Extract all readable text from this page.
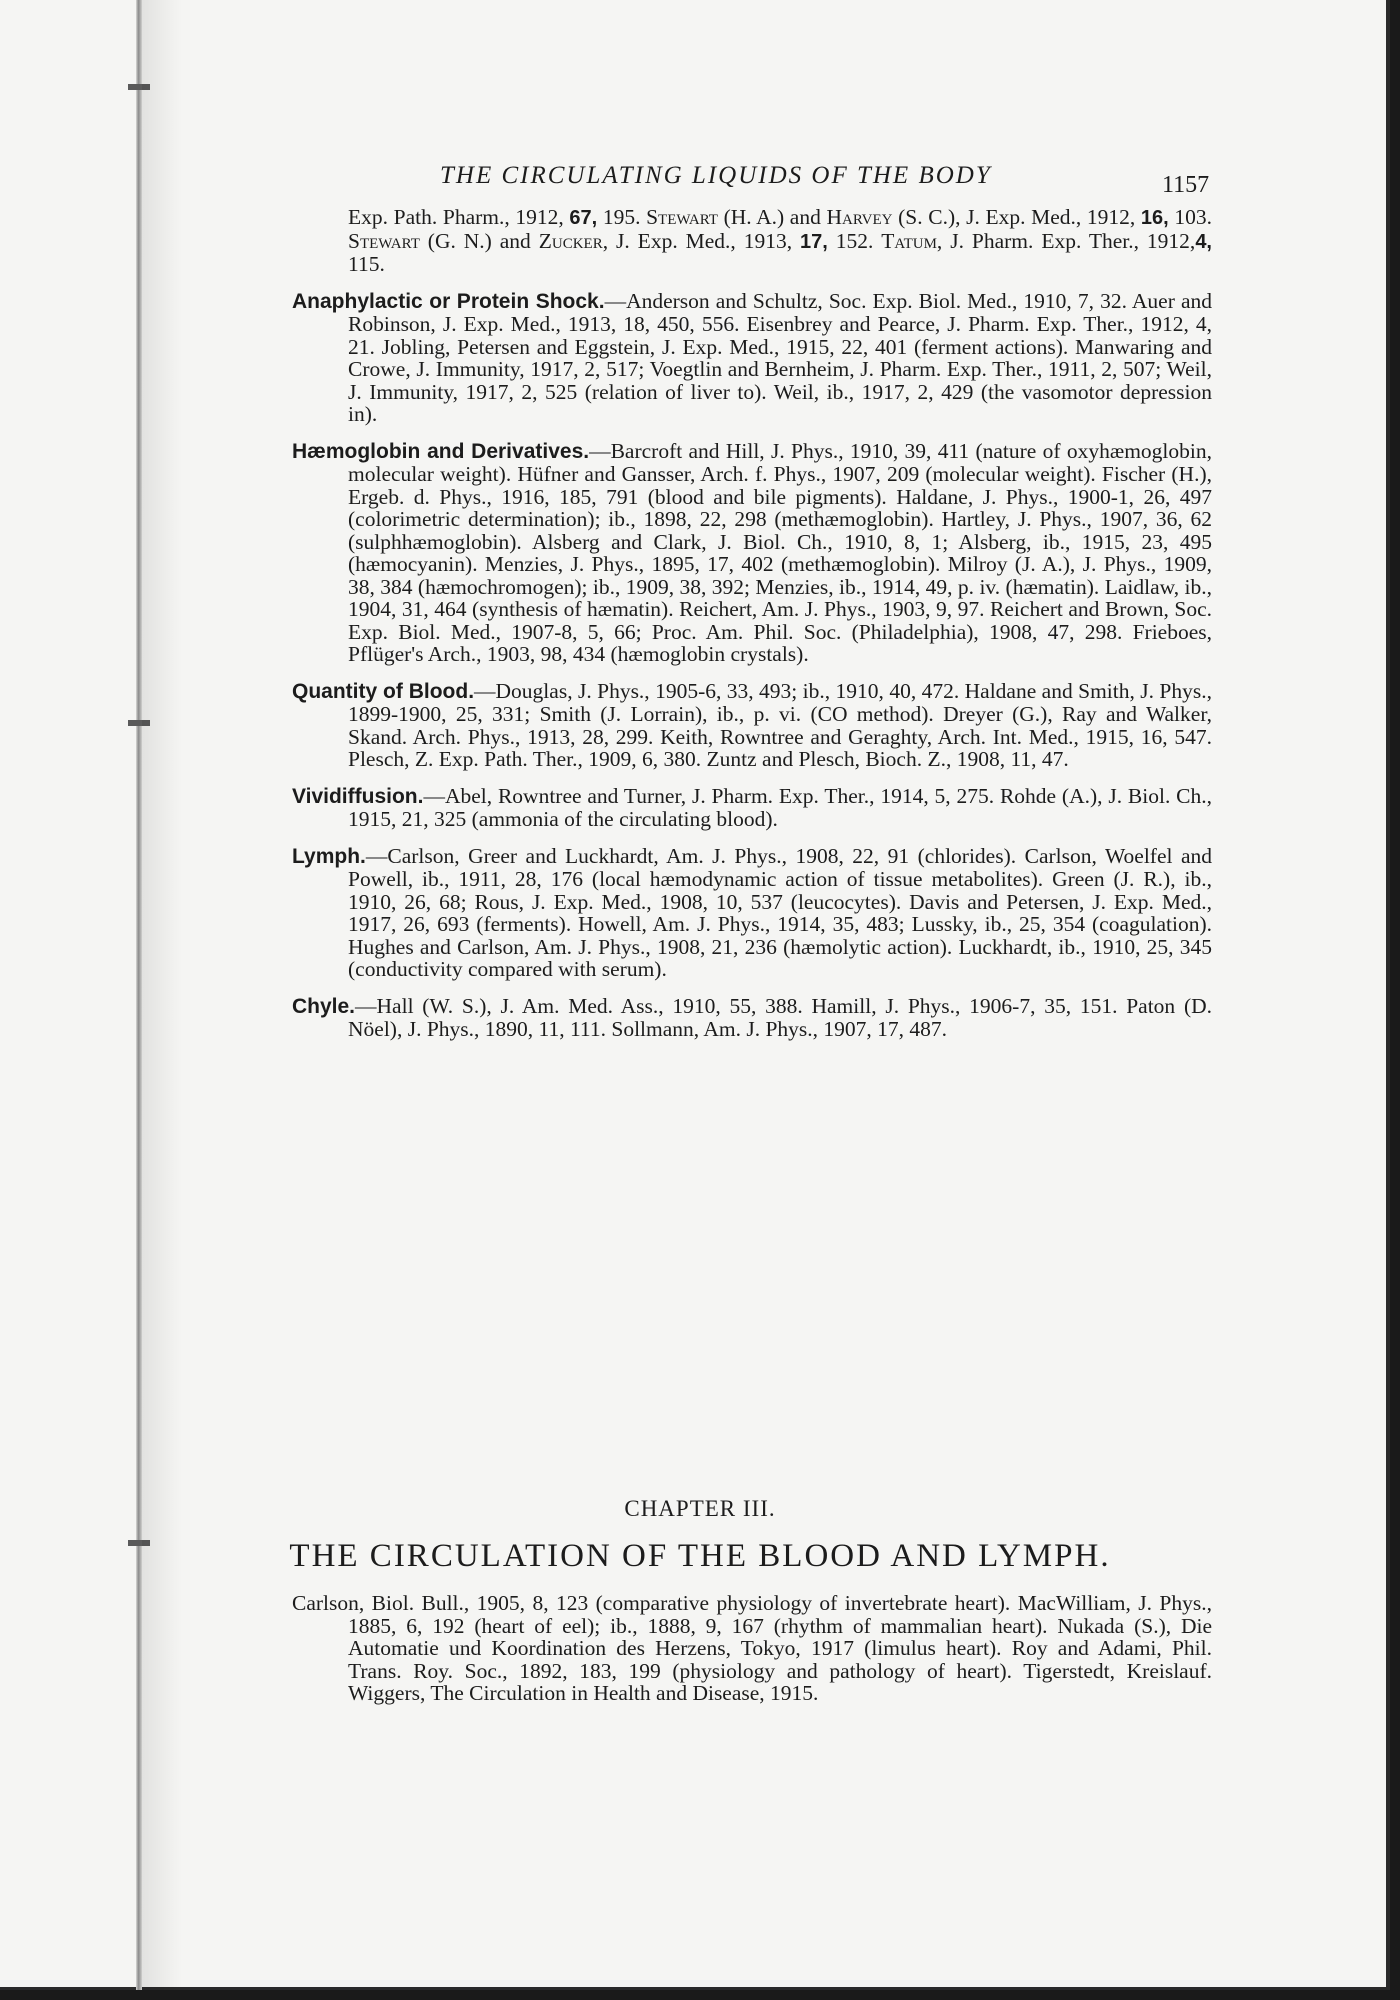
THE CIRCULATING LIQUIDS OF THE BODY	1157

Exp. Path. Pharm., 1912, 67, 195. Stewart (H. A.) and Harvey (S. C.), J. Exp. Med., 1912, 16, 103. Stewart (G. N.) and Zucker, J. Exp. Med., 1913, 17, 152. Tatum, J. Pharm. Exp. Ther., 1912,4, 115.

Anaphylactic or Protein Shock.—Anderson and Schultz, Soc. Exp. Biol. Med., 1910, 7, 32. Auer and Robinson, J. Exp. Med., 1913, 18, 450, 556. Eisenbrey and Pearce, J. Pharm. Exp. Ther., 1912, 4, 21. Jobling, Petersen and Eggstein, J. Exp. Med., 1915, 22, 401 (ferment actions). Manwaring and Crowe, J. Immunity, 1917, 2, 517; Voegtlin and Bernheim, J. Pharm. Exp. Ther., 1911, 2, 507; Weil, J. Immunity, 1917, 2, 525 (relation of liver to). Weil, ib., 1917, 2, 429 (the vasomotor depression in).

Hæmoglobin and Derivatives.—Barcroft and Hill, J. Phys., 1910, 39, 411 (nature of oxyhæmoglobin, molecular weight). Hüfner and Gansser, Arch. f. Phys., 1907, 209 (molecular weight). Fischer (H.), Ergeb. d. Phys., 1916, 185, 791 (blood and bile pigments). Haldane, J. Phys., 1900-1, 26, 497 (colorimetric determination); ib., 1898, 22, 298 (methæmoglobin). Hartley, J. Phys., 1907, 36, 62 (sulphhæmoglobin). Alsberg and Clark, J. Biol. Ch., 1910, 8, 1; Alsberg, ib., 1915, 23, 495 (hæmocyanin). Menzies, J. Phys., 1895, 17, 402 (methæmoglobin). Milroy (J. A.), J. Phys., 1909, 38, 384 (hæmochromogen); ib., 1909, 38, 392; Menzies, ib., 1914, 49, p. iv. (hæmatin). Laidlaw, ib., 1904, 31, 464 (synthesis of hæmatin). Reichert, Am. J. Phys., 1903, 9, 97. Reichert and Brown, Soc. Exp. Biol. Med., 1907-8, 5, 66; Proc. Am. Phil. Soc. (Philadelphia), 1908, 47, 298. Frieboes, Pflüger's Arch., 1903, 98, 434 (hæmoglobin crystals).

Quantity of Blood.—Douglas, J. Phys., 1905-6, 33, 493; ib., 1910, 40, 472. Haldane and Smith, J. Phys., 1899-1900, 25, 331; Smith (J. Lorrain), ib., p. vi. (CO method). Dreyer (G.), Ray and Walker, Skand. Arch. Phys., 1913, 28, 299. Keith, Rowntree and Geraghty, Arch. Int. Med., 1915, 16, 547. Plesch, Z. Exp. Path. Ther., 1909, 6, 380. Zuntz and Plesch, Bioch. Z., 1908, 11, 47.

Vividiffusion.—Abel, Rowntree and Turner, J. Pharm. Exp. Ther., 1914, 5, 275. Rohde (A.), J. Biol. Ch., 1915, 21, 325 (ammonia of the circulating blood).

Lymph.—Carlson, Greer and Luckhardt, Am. J. Phys., 1908, 22, 91 (chlorides). Carlson, Woelfel and Powell, ib., 1911, 28, 176 (local hæmodynamic action of tissue metabolites). Green (J. R.), ib., 1910, 26, 68; Rous, J. Exp. Med., 1908, 10, 537 (leucocytes). Davis and Petersen, J. Exp. Med., 1917, 26, 693 (ferments). Howell, Am. J. Phys., 1914, 35, 483; Lussky, ib., 25, 354 (coagulation). Hughes and Carlson, Am. J. Phys., 1908, 21, 236 (hæmolytic action). Luckhardt, ib., 1910, 25, 345 (conductivity compared with serum).

Chyle.—Hall (W. S.), J. Am. Med. Ass., 1910, 55, 388. Hamill, J. Phys., 1906-7, 35, 151. Paton (D. Nöel), J. Phys., 1890, 11, 111. Sollmann, Am. J. Phys., 1907, 17, 487.

CHAPTER III.
THE CIRCULATION OF THE BLOOD AND LYMPH.

Carlson, Biol. Bull., 1905, 8, 123 (comparative physiology of invertebrate heart). MacWilliam, J. Phys., 1885, 6, 192 (heart of eel); ib., 1888, 9, 167 (rhythm of mammalian heart). Nukada (S.), Die Automatie und Koordination des Herzens, Tokyo, 1917 (limulus heart). Roy and Adami, Phil. Trans. Roy. Soc., 1892, 183, 199 (physiology and pathology of heart). Tigerstedt, Kreislauf. Wiggers, The Circulation in Health and Disease, 1915.
